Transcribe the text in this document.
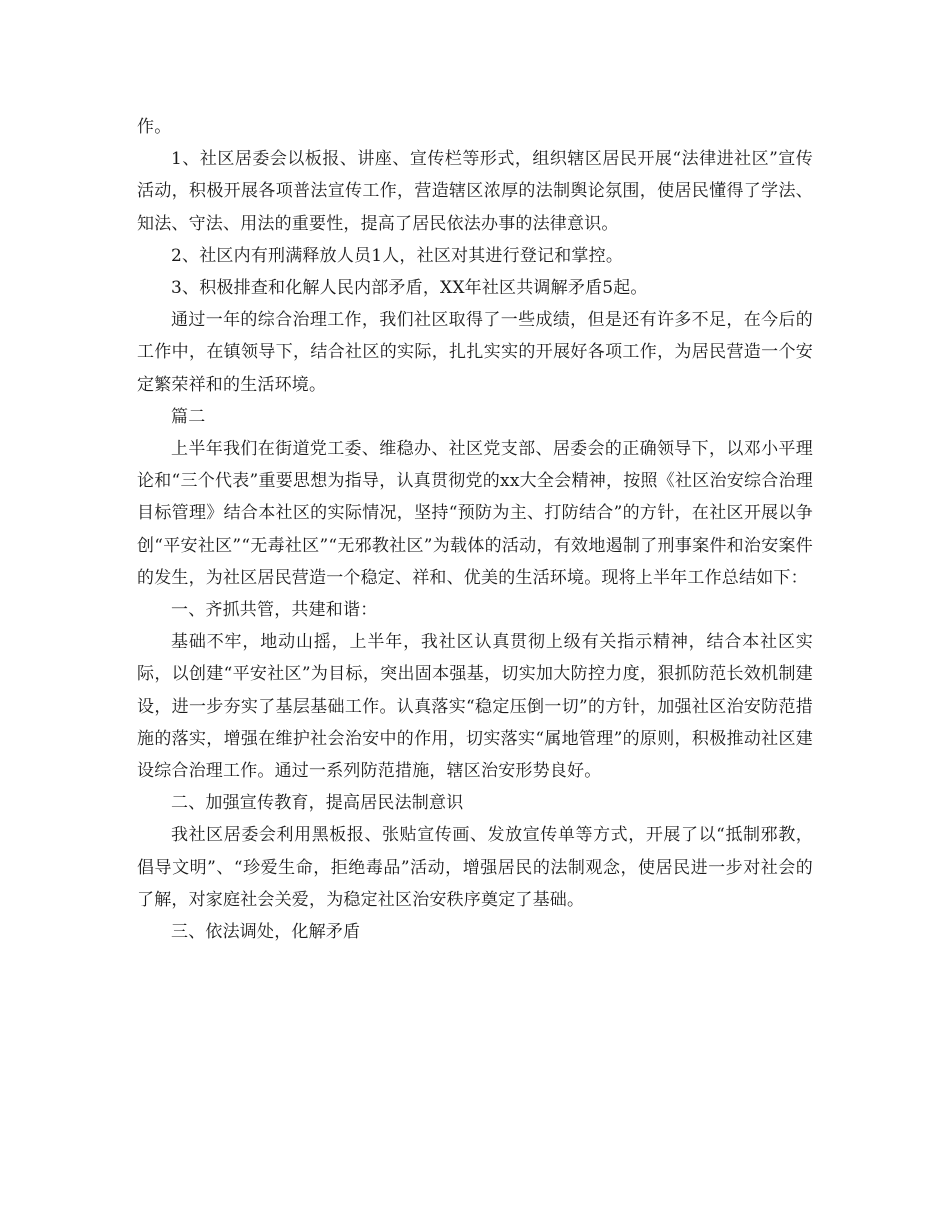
作。

1、社区居委会以板报、讲座、宣传栏等形式，组织辖区居民开展“法律进社区”宣传活动，积极开展各项普法宣传工作，营造辖区浓厚的法制舆论氛围，使居民懂得了学法、知法、守法、用法的重要性，提高了居民依法办事的法律意识。

2、社区内有刑满释放人员1人，社区对其进行登记和掌控。

3、积极排查和化解人民内部矛盾，XX年社区共调解矛盾5起。

通过一年的综合治理工作，我们社区取得了一些成绩，但是还有许多不足，在今后的工作中，在镇领导下，结合社区的实际，扎扎实实的开展好各项工作，为居民营造一个安定繁荣祥和的生活环境。

篇二

上半年我们在街道党工委、维稳办、社区党支部、居委会的正确领导下，以邓小平理论和“三个代表”重要思想为指导，认真贯彻党的xx大全会精神，按照《社区治安综合治理目标管理》结合本社区的实际情况，坚持“预防为主、打防结合”的方针，在社区开展以争创“平安社区”“无毒社区”“无邪教社区”为载体的活动，有效地遏制了刑事案件和治安案件的发生，为社区居民营造一个稳定、祥和、优美的生活环境。现将上半年工作总结如下：

一、齐抓共管，共建和谐：

基础不牢，地动山摇，上半年，我社区认真贯彻上级有关指示精神，结合本社区实际，以创建“平安社区”为目标，突出固本强基，切实加大防控力度，狠抓防范长效机制建设，进一步夯实了基层基础工作。认真落实“稳定压倒一切”的方针，加强社区治安防范措施的落实，增强在维护社会治安中的作用，切实落实“属地管理”的原则，积极推动社区建设综合治理工作。通过一系列防范措施，辖区治安形势良好。

二、加强宣传教育，提高居民法制意识

我社区居委会利用黑板报、张贴宣传画、发放宣传单等方式，开展了以“抵制邪教，倡导文明”、“珍爱生命，拒绝毒品”活动，增强居民的法制观念，使居民进一步对社会的了解，对家庭社会关爱，为稳定社区治安秩序奠定了基础。

三、依法调处，化解矛盾
